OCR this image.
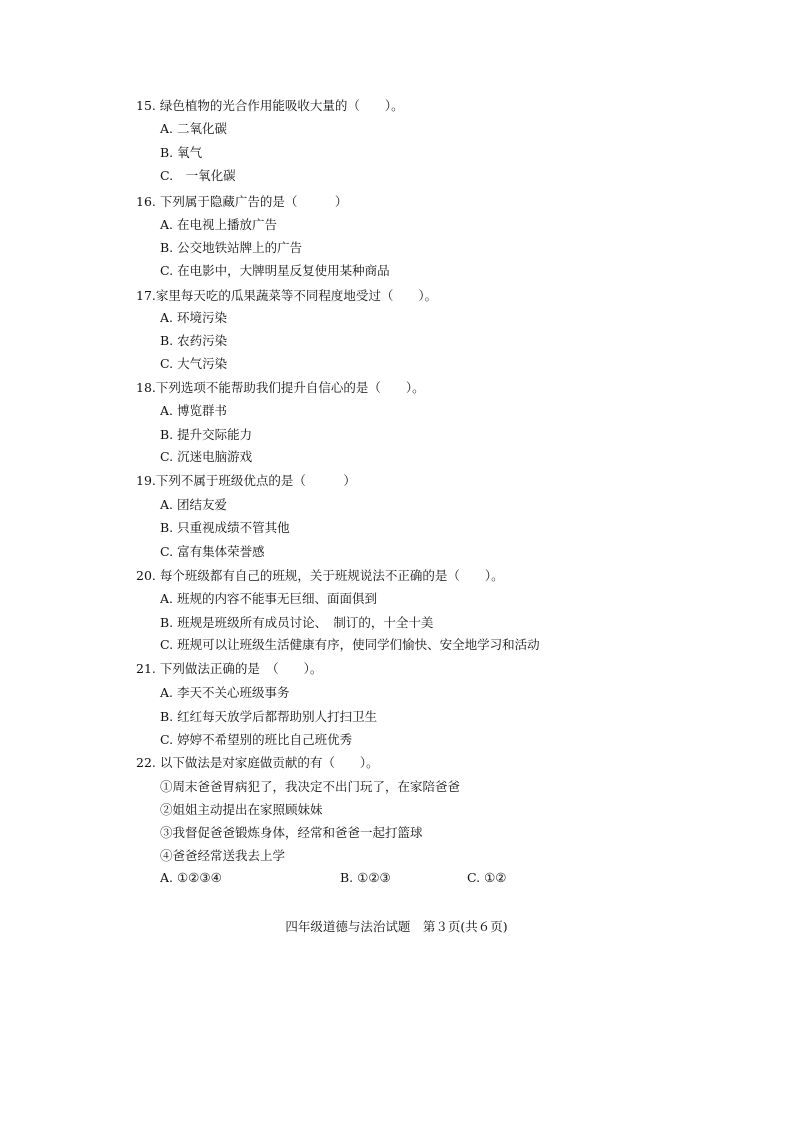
15. 绿色植物的光合作用能吸收大量的（　　）。
A. 二氧化碳
B. 氧气
C.　一氧化碳
16. 下列属于隐藏广告的是（　　　）
A. 在电视上播放广告
B. 公交地铁站牌上的广告
C. 在电影中，大牌明星反复使用某种商品
17.家里每天吃的瓜果蔬菜等不同程度地受过（　　）。
A. 环境污染
B. 农药污染
C. 大气污染
18.下列选项不能帮助我们提升自信心的是（　　）。
A. 博览群书
B. 提升交际能力
C. 沉迷电脑游戏
19.下列不属于班级优点的是（　　　）
A. 团结友爱
B. 只重视成绩不管其他
C. 富有集体荣誉感
20. 每个班级都有自己的班规，关于班规说法不正确的是（　　）。
A. 班规的内容不能事无巨细、面面俱到
B. 班规是班级所有成员讨论、　制订的，十全十美
C. 班规可以让班级生活健康有序，使同学们愉快、安全地学习和活动
21. 下列做法正确的是　（　　）。
A. 李天不关心班级事务
B. 红红每天放学后都帮助别人打扫卫生
C. 婷婷不希望别的班比自己班优秀
22. 以下做法是对家庭做贡献的有（　　）。
①周末爸爸胃病犯了，我决定不出门玩了，在家陪爸爸
②姐姐主动提出在家照顾妹妹
③我督促爸爸锻炼身体，经常和爸爸一起打篮球
④爸爸经常送我去上学
A. ①②③④	B. ①②③	C. ①②
四年级道德与法治试题　第３页(共６页)
